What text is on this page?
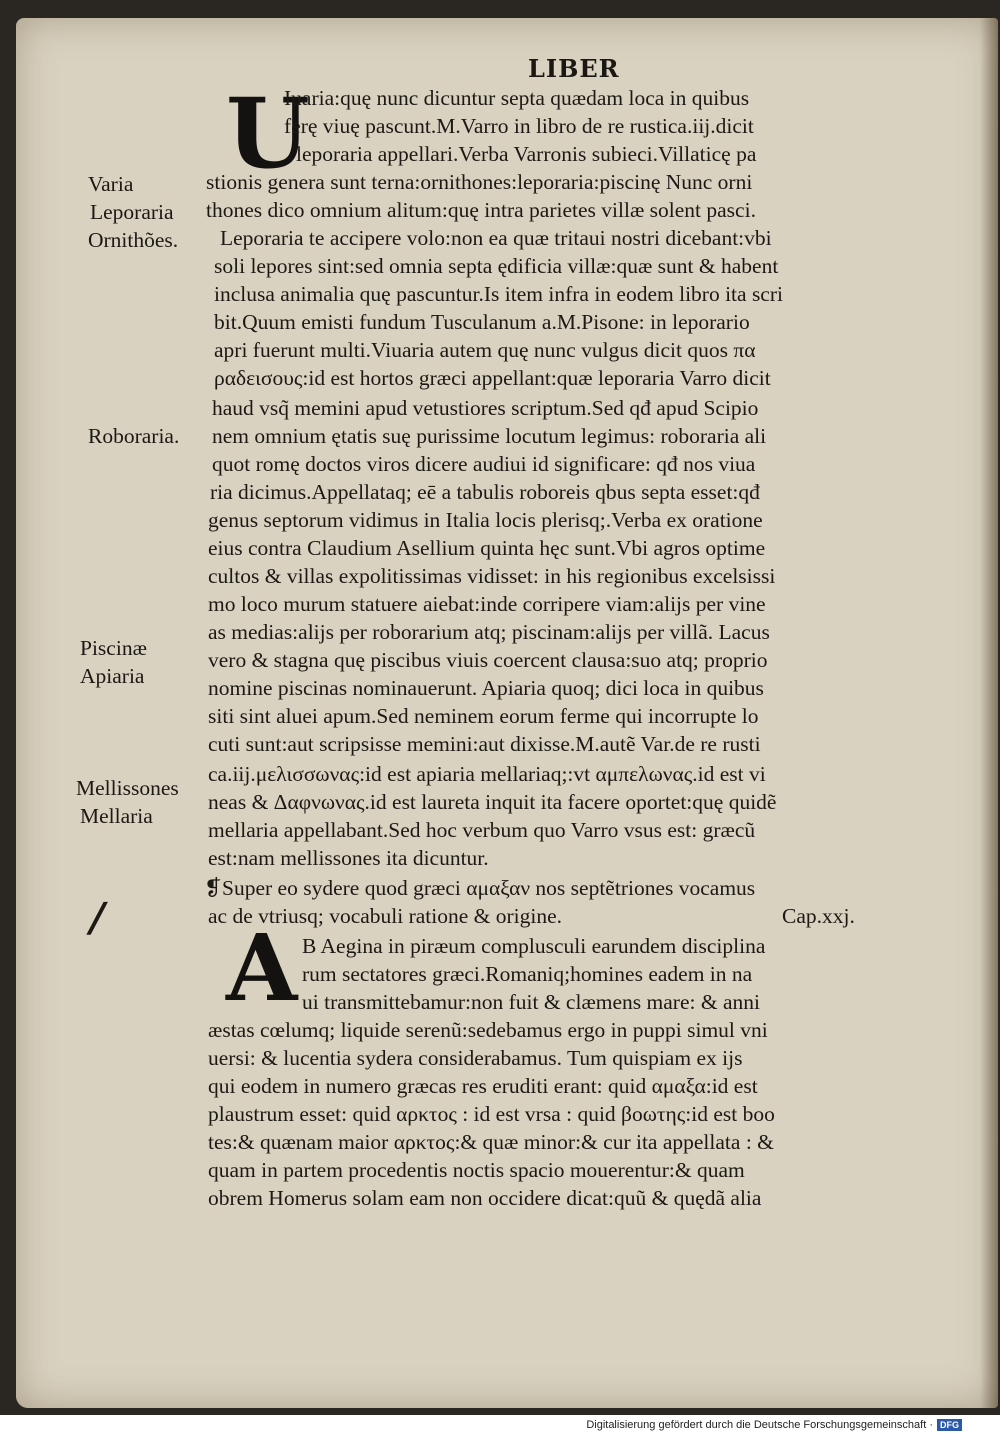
LIBER
U
A
Varia
Leporaria
Ornithões.
Roboraria.
Piscinæ
Apiaria
Mellissones
Mellaria
/
Iuaria:quę nunc dicuntur septa quædam loca in quibus
ferę viuę pascunt.M.Varro in libro de re rustica.iij.dicit
leporaria appellari.Verba Varronis subieci.Villaticę pa
stionis genera sunt terna:ornithones:leporaria:piscinę Nunc orni
thones dico omnium alitum:quę intra parietes villæ solent pasci.
Leporaria te accipere volo:non ea quæ tritaui nostri dicebant:vbi
soli lepores sint:sed omnia septa ędificia villæ:quæ sunt & habent
inclusa animalia quę pascuntur.Is item infra in eodem libro ita scri
bit.Quum emisti fundum Tusculanum a.M.Pisone: in leporario
apri fuerunt multi.Viuaria autem quę nunc vulgus dicit quos πα
ραδεισους:id est hortos græci appellant:quæ leporaria Varro dicit
haud vsq̃ memini apud vetustiores scriptum.Sed qđ apud Scipio
nem omnium ętatis suę purissime locutum legimus: roboraria ali
quot romę doctos viros dicere audiui id significare: qđ nos viua
ria dicimus.Appellataq; eē a tabulis roboreis qbus septa esset:qđ
genus septorum vidimus in Italia locis plerisq;.Verba ex oratione
eius contra Claudium Asellium quinta hęc sunt.Vbi agros optime
cultos & villas expolitissimas vidisset: in his regionibus excelsissi
mo loco murum statuere aiebat:inde corripere viam:alijs per vine
as medias:alijs per roborarium atq; piscinam:alijs per villã. Lacus
vero & stagna quę piscibus viuis coercent clausa:suo atq; proprio
nomine piscinas nominauerunt. Apiaria quoq; dici loca in quibus
siti sint aluei apum.Sed neminem eorum ferme qui incorrupte lo
cuti sunt:aut scripsisse memini:aut dixisse.M.autẽ Var.de re rusti
ca.iij.μελισσωνας:id est apiaria mellariaq;:vt αμπελωνας.id est vi
neas & Δαφνωνας.id est laureta inquit ita facere oportet:quę quidẽ
mellaria appellabant.Sed hoc verbum quo Varro vsus est: græcũ
est:nam mellissones ita dicuntur.
❡Super eo sydere quod græci αμαξαν nos septẽtriones vocamus
ac de vtriusq; vocabuli ratione & origine.	Cap.xxj.
B Aegina in piræum complusculi earundem disciplina
rum sectatores græci.Romaniq;homines eadem in na
ui transmittebamur:non fuit & clæmens mare: & anni
æstas cœlumq; liquide serenũ:sedebamus ergo in puppi simul vni
uersi: & lucentia sydera considerabamus. Tum quispiam ex ijs
qui eodem in numero græcas res eruditi erant: quid αμαξα:id est
plaustrum esset: quid αρκτος : id est vrsa : quid βοωτης:id est boo
tes:& quænam maior αρκτος:& quæ minor:& cur ita appellata : &
quam in partem procedentis noctis spacio mouerentur:& quam
obrem Homerus solam eam non occidere dicat:quũ & quędã alia
Digitalisierung gefördert durch die Deutsche Forschungsgemeinschaft · DFG
